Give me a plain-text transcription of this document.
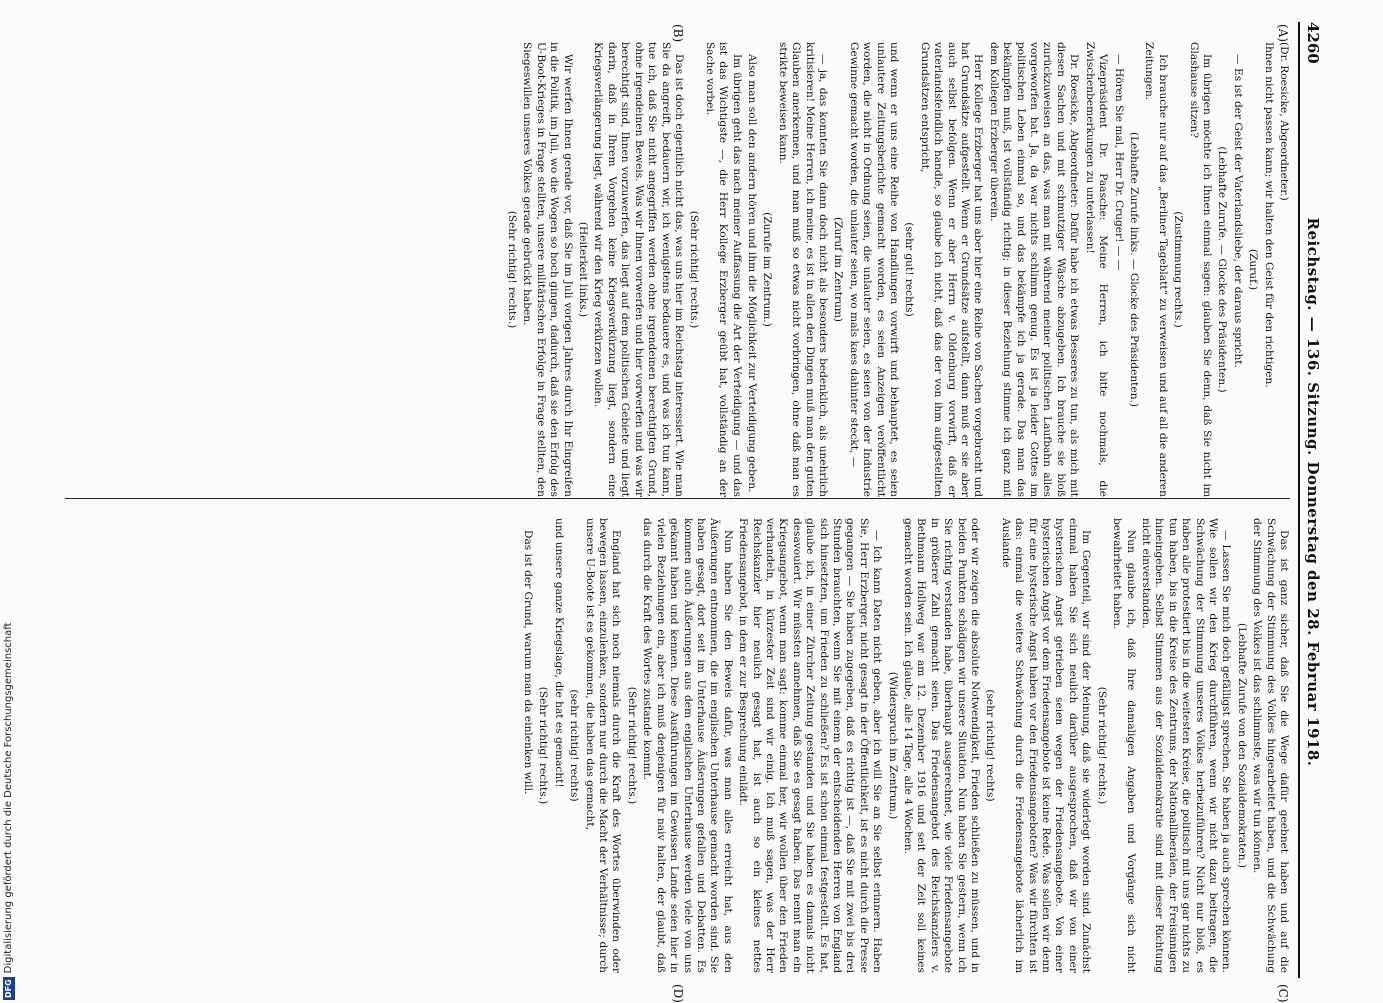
4260
Reichstag. — 136. Sitzung. Donnerstag den 28. Februar 1918.
(A)
(B)
(C)
(D)

(Dr. Roesicke, Abgeordneter.)

Ihnen nicht passen kann; wir halten den Geist für den richtigen.

(Zuruf.)

— Es ist der Geist der Vaterlandsliebe, der daraus spricht.

(Lebhafte Zurufe. — Glocke des Präsidenten.)

Im übrigen möchte ich Ihnen einmal sagen: glauben Sie denn, daß Sie nicht im Glashause sitzen?

(Zustimmung rechts.)

Ich brauche nur auf das „Berliner Tageblatt“ zu verweisen und auf all die anderen Zeitungen.

(Lebhafte Zurufe links. — Glocke des Präsidenten.)

— Hören Sie mal, Herr Dr. Cruger! — —

Vizepräsident Dr. Paasche: Meine Herren, ich bitte nochmals, die Zwischenbemerkungen zu unterlassen!

Dr. Roesicke, Abgeordneter: Dafür habe ich etwas Besseres zu tun, als mich mit diesen Sachen und mit schmutziger Wäsche abzugeben. Ich brauche sie bloß zurückzuweisen an das, was man mit während meiner politischen Laufbahn alles vorgeworfen hat. Ja, da war nichts schlimm genug. Es ist ja leider Gottes im politischen Leben einmal so, und das bekämpfe ich ja gerade. Das man das bekämpfen muß, ist vollständig richtig; in dieser Beziehung stimme ich ganz mit dem Kollegen Erzberger überein.

Herr Kollege Erzberger hat uns aber hier eine Reihe von Sachen vorgebracht und hat Grundsätze aufgestellt. Wenn er Grundsätze aufstellt, dann muß er sie aber auch selbst befolgen. Wenn er aber Herrn v. Oldenburg vorwirft, daß er vaterlandsfeindlich handle, so glaube ich nicht, daß das der von ihm aufgestellten Grundsätzen entspricht,

(sehr gut! rechts)

und wenn er uns eine Reihe von Handlungen vorwirft und behauptet, es seien unlautere Zeitungsberichte gemacht worden, es seien Anzeigen veröffentlicht worden, die nicht in Ordnung seien, die unlauter seien, es seien von der Industrie Gewinne gemacht worden, die unlauter seien, wo mals kaes dahinter steckt, —

(Zuruf im Zentrum)

— ja, das konnten Sie dann doch nicht als besonders bedenklich, als unehrlich kritisieren! Meine Herren, ich meine, es ist in allen den Dingen muß man den guten Glauben anerkennen, und man muß so etwas nicht vorbringen, ohne daß man es strikte beweisen kann.

(Zurufe im Zentrum.)

Also man soll den andern hören und ihm die Möglichkeit zur Verteidigung geben.

Im übrigen geht das nach meiner Auffassung die Art der Verteidigung — und das ist das Wichtigste —, die Herr Kollege Erzberger geübt hat, vollständig an der Sache vorbei.

(Sehr richtig! rechts.)

Das ist doch eigentlich nicht das, was uns hier im Reichstag interessiert. Wie man Sie da angreift, bedauern wir, ich wenigstens bedauere es, und was ich tun kann, tue ich, daß Sie nicht angegriffen werden ohne irgendeinen berechtigten Grund, ohne irgendeinen Beweis. Was wir Ihnen vorwerfen und hier vorwerfen und was wir berechtigt sind, Ihnen vorzuwerfen, das liegt auf dem politischen Gebiete und liegt darin, daß in Ihrem Vorgehen keine Kriegsverkürzung liegt, sondern eine Kriegsverlängerung liegt, während wir den Krieg verkürzen wollen.

(Heiterkeit links.)

Wir werfen Ihnen gerade vor, daß Sie im Juli vorigen Jahres durch Ihr Eingreifen in die Politik, im Juli, wo die Wogen so hoch gingen, dadurch, daß sie den Erfolg des U-Boot-Krieges in Frage stellten, unsere militärischen Erfolge in Frage stellten, den Siegeswillen unseres Volkes gerade gebrückt haben.

(Sehr richtig! rechts.)

Das ist ganz sicher, daß Sie die Wege dafür geebnet haben und auf die Schwächung der Stimmung des Volkes hingearbeitet haben, und die Schwächung der Stimmung des Volkes ist das schlimmste, was wir tun können.

(Lebhafte Zurufe von den Sozialdemokraten.)

— Lassen Sie mich doch gefälligst sprechen. Sie haben ja auch sprechen können. Wie sollen wir den Krieg durchführen, wenn wir nicht dazu beitragen, die Schwächung der Stimmung unseres Volkes herbeizuführen? Nicht nur bloß, es haben alle protestiert bis in die weitesten Kreise, die politisch mit uns gar nichts zu tun haben, bis in die Kreise des Zentrums, der Nationalliberalen, der Freisinnigen hineingeben. Selbst Stimmen aus der Sozialdemokratie sind mit dieser Richtung nicht einverstanden.

Nun glaube ich, daß Ihre damaligen Angaben und Vorgänge sich nicht bewahrheitet haben.

(Sehr richtig! rechts.)

Im Gegenteil, wir sind der Meinung, daß sie widerlegt worden sind. Zunächst einmal haben Sie sich neulich darüber ausgesprochen, daß wir von einer hysterischen Angst getrieben seien wegen der Friedensangebote. Von einer hysterischen Angst vor dem Friedensangebote ist keine Rede. Was sollen wir denn für eine hysterische Angst haben vor den Friedensangeboten? Was wir fürchten ist das: einmal die weitere Schwächung durch die Friedensangebote lächerlich im Auslande

(sehr richtig! rechts)

oder wir zeigen die absolute Notwendigkeit, Frieden schließen zu müssen, und in beiden Punkten schädigen wir unsere Situation. Nun haben Sie gestern, wenn ich Sie richtig verstanden habe, überhaupt ausgerechnet, wie viele Friedensangebote in größerer Zahl gemacht seien. Das Friedensangebot des Reichskanzlers v. Bethmann Hollweg war am 12. Dezember 1916 und seit der Zeit soll keines gemacht worden sein. Ich glaube, alle 14 Tage, alle 4 Wochen.

(Widerspruch im Zentrum.)

— Ich kann Daten nicht geben, aber ich will Sie an Sie selbst erinnern. Haben Sie, Herr Erzberger, nicht gesagt in der Öffentlichkeit, ist es nicht durch die Presse gegangen — Sie haben zugegeben, daß es richtig ist —, daß Sie mit zwei bis drei Stunden brauchten, wenn Sie mit einem der entscheidenden Herren von England sich hinsetzten, um Frieden zu schließen? Es ist schon einmal festgestellt. Es hat, glaube ich, in einer Zürcher Zeitung gestanden und Sie haben es damals nicht desavouiert. Wir müssten annehmen, daß Sie es gesagt haben. Das nennt man ein Kriegsangebot, wenn man sagt: komme einmal her, wir wollen über den Frieden verhandeln, in kürzester Zeit sind wir einig. Ich muß sagen, was der Herr Reichskanzler hier neulich gesagt hat, ist auch so ein kleines nettes Friedensangebot, in dem er zur Besprechung einlädt.

Nun haben Sie den Beweis dafür, was man alles erreicht hat, aus den Äußerungen entnommen, die im englischen Unterhause gemacht worden sind. Sie haben gesagt, dort seit im Unterhause Äußerungen gefallen und Debatten. Es kommen auch Äußerungen aus dem englischen Unterhause werden viele von uns gekannt haben und kennen. Diese Ausführungen im Gewissen Lande seien hier in vielen Beziehungen ein, aber ich muß denjenigen für naiv halten, der glaubt, daß das durch die Kraft des Wortes zustande kommt.

(Sehr richtig! rechts.)

England hat sich noch niemals durch die Kraft des Wortes überwinden oder bewegen lassen, einzulenken, sondern nur durch die Macht der Verhältnisse; durch unsere U-Boote ist es gekommen, die haben das gemacht,

(sehr richtig! rechts)

und unsere ganze Kriegslage, die hat es gemacht!

(Sehr richtig! rechts.)

Das ist der Grund, warum man da einlenken will.

DFGDigitalisierung gefördert durch die Deutsche Forschungsgemeinschaft
